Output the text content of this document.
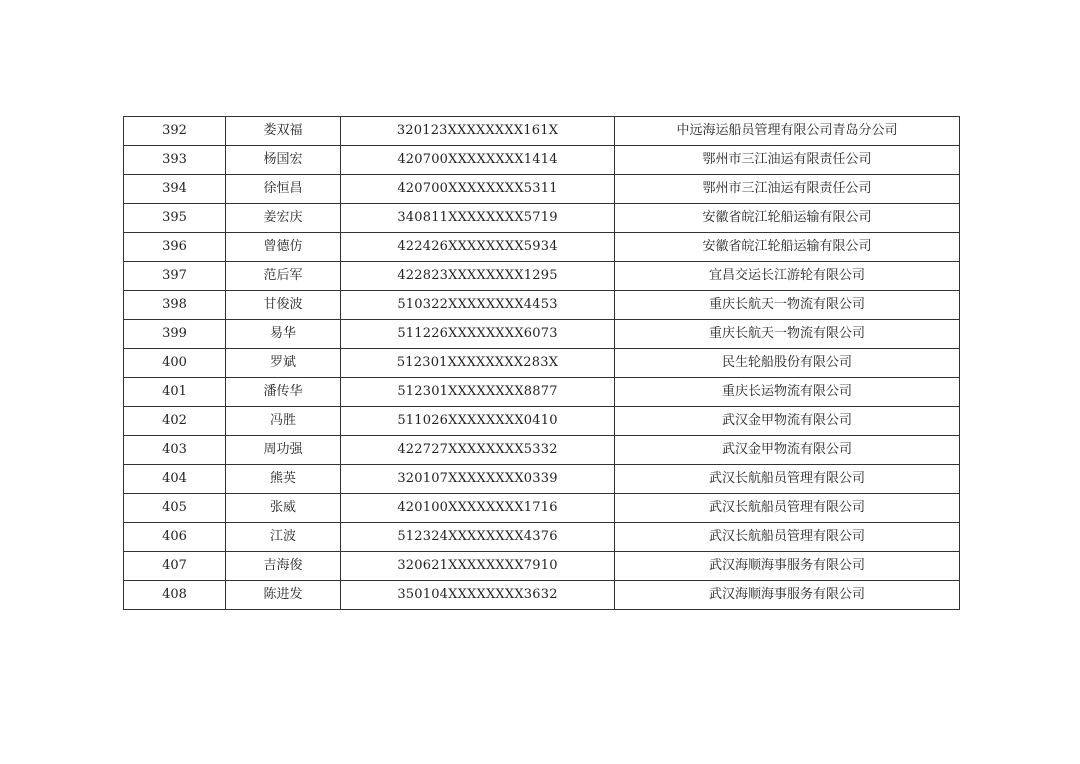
392	娄双福	320123XXXXXXXX161X	中远海运船员管理有限公司青岛分公司
393	杨国宏	420700XXXXXXXX1414	鄂州市三江油运有限责任公司
394	徐恒昌	420700XXXXXXXX5311	鄂州市三江油运有限责任公司
395	姜宏庆	340811XXXXXXXX5719	安徽省皖江轮船运输有限公司
396	曾德仿	422426XXXXXXXX5934	安徽省皖江轮船运输有限公司
397	范后军	422823XXXXXXXX1295	宜昌交运长江游轮有限公司
398	甘俊波	510322XXXXXXXX4453	重庆长航天一物流有限公司
399	易华	511226XXXXXXXX6073	重庆长航天一物流有限公司
400	罗斌	512301XXXXXXXX283X	民生轮船股份有限公司
401	潘传华	512301XXXXXXXX8877	重庆长运物流有限公司
402	冯胜	511026XXXXXXXX0410	武汉金甲物流有限公司
403	周功强	422727XXXXXXXX5332	武汉金甲物流有限公司
404	熊英	320107XXXXXXXX0339	武汉长航船员管理有限公司
405	张威	420100XXXXXXXX1716	武汉长航船员管理有限公司
406	江波	512324XXXXXXXX4376	武汉长航船员管理有限公司
407	吉海俊	320621XXXXXXXX7910	武汉海顺海事服务有限公司
408	陈进发	350104XXXXXXXX3632	武汉海顺海事服务有限公司
